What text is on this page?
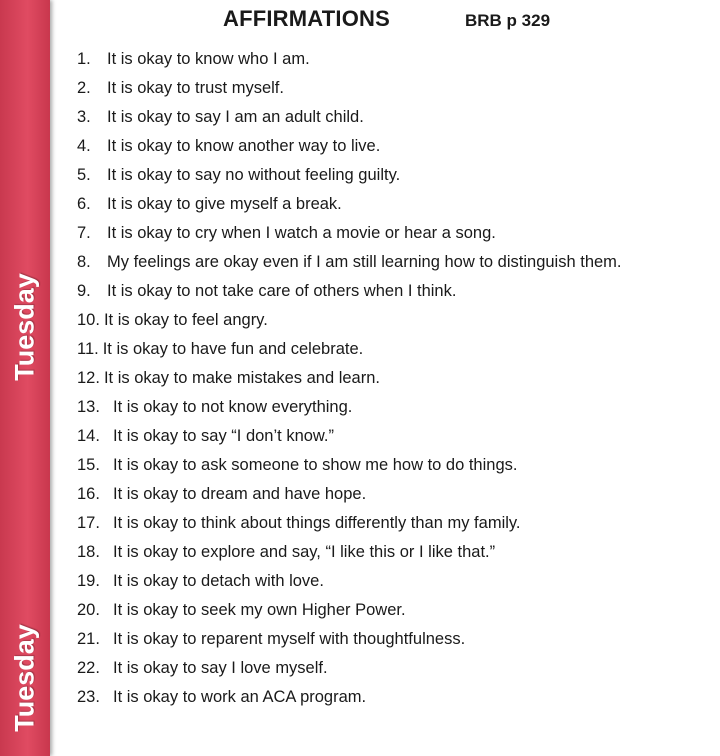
Tuesday
Tuesday
AFFIRMATIONS	BRB p 329
1. It is okay to know who I am.
2. It is okay to trust myself.
3. It is okay to say I am an adult child.
4. It is okay to know another way to live.
5. It is okay to say no without feeling guilty.
6. It is okay to give myself a break.
7. It is okay to cry when I watch a movie or hear a song.
8. My feelings are okay even if I am still learning how to distinguish them.
9. It is okay to not take care of others when I think.
10. It is okay to feel angry.
11. It is okay to have fun and celebrate.
12. It is okay to make mistakes and learn.
13. It is okay to not know everything.
14. It is okay to say “I don’t know.”
15. It is okay to ask someone to show me how to do things.
16. It is okay to dream and have hope.
17. It is okay to think about things differently than my family.
18. It is okay to explore and say, “I like this or I like that.”
19. It is okay to detach with love.
20. It is okay to seek my own Higher Power.
21. It is okay to reparent myself with thoughtfulness.
22. It is okay to say I love myself.
23. It is okay to work an ACA program.
